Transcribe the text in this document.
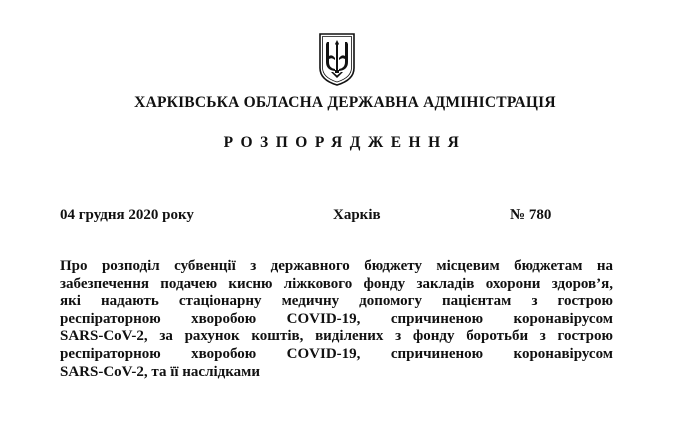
ХАРКІВСЬКА ОБЛАСНА ДЕРЖАВНА АДМІНІСТРАЦІЯ
РОЗПОРЯДЖЕННЯ
04 грудня 2020 року	Харків	№ 780
Про розподіл субвенції з державного бюджету місцевим бюджетам на
забезпечення подачею кисню ліжкового фонду закладів охорони здоров’я,
які надають стаціонарну медичну допомогу пацієнтам з гострою
респіраторною хворобою COVID-19, спричиненою коронавірусом
SARS-CoV-2, за рахунок коштів, виділених з фонду боротьби з гострою
респіраторною хворобою COVID-19, спричиненою коронавірусом
SARS-CoV-2, та її наслідками
